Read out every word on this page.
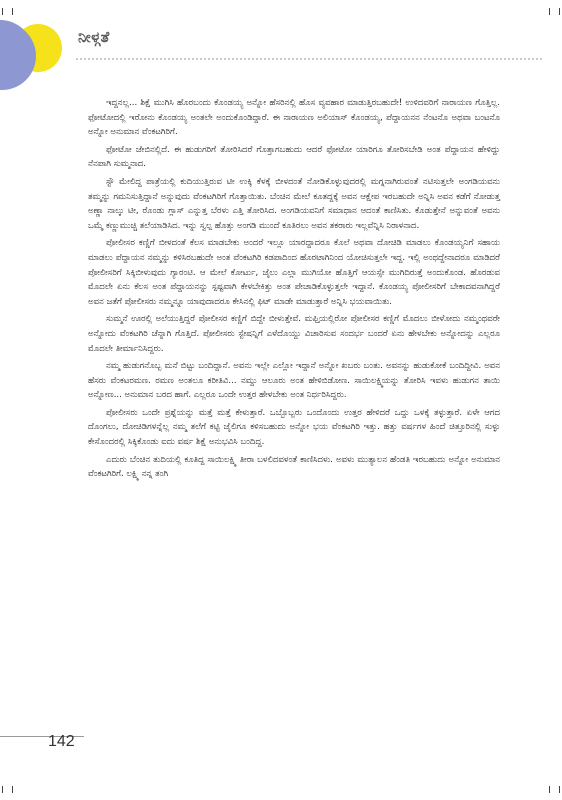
ನೀಳ್ಗತೆ

ಇದ್ದನಲ್ಲ... ಶಿಕ್ಷೆ ಮುಗಿಸಿ ಹೊರಬಂದು ಕೊಂಡಯ್ಯ ಅನ್ನೋ ಹೆಸರಿನಲ್ಲಿ ಹೊಸ ವ್ಯವಹಾರ ಮಾಡುತ್ತಿರಬಹುದೇ! ಉಳಿದವರಿಗೆ ನಾರಾಯಣ ಗೊತ್ತಿಲ್ಲ. ಫೋಟೋದಲ್ಲಿ ಇರೋನು ಕೊಂಡಯ್ಯ ಅಂತಲೇ ಅಂದುಕೊಂಡಿದ್ದಾರೆ. ಈ ನಾರಾಯಣ ಅಲಿಯಾಸ್ ಕೊಂಡಯ್ಯ, ಪೆದ್ದಾಯನನ ನೆಂಟನೊ ಅಥವಾ ಬಂಟನೊ ಅನ್ನೋ ಅನುಮಾನ ವೆಂಕಟಗಿರಿಗೆ.

ಫೋಟೋ ಜೇಬಿನಲ್ಲಿದೆ. ಈ ಹುಡುಗರಿಗೆ ತೋರಿಸಿದರೆ ಗೊತ್ತಾಗಬಹುದು ಆದರೆ ಫೋಟೋ ಯಾರಿಗೂ ತೋರಿಸಬೇಡಿ ಅಂತ ಪೆದ್ದಾಯನ ಹೇಳಿದ್ದು ನೆನಪಾಗಿ ಸುಮ್ಮನಾದ.

ಸ್ಟೌ ಮೇಲಿದ್ದ ಪಾತ್ರೆಯಲ್ಲಿ ಕುದಿಯುತ್ತಿರುವ ಟೀ ಉಕ್ಕಿ ಕೆಳಕ್ಕೆ ಬೀಳದಂತೆ ನೋಡಿಕೊಳ್ಳುವುದರಲ್ಲಿ ಮಗ್ನನಾಗಿರುವಂತೆ ನಟಿಸುತ್ತಲೇ ಅಂಗಡಿಯವನು ತಮ್ಮನ್ನು ಗಮನಿಸುತ್ತಿದ್ದಾನೆ ಅನ್ನುವುದು ವೆಂಕಟಗಿರಿಗೆ ಗೊತ್ತಾಯಿತು. ಬೆಂಚಿನ ಮೇಲೆ ಕೂತದ್ದಕ್ಕೆ ಅವನ ಆಕ್ಷೇಪ ಇರಬಹುದೇ ಅನ್ನಿಸಿ ಅವನ ಕಡೆಗೆ ನೋಡುತ್ತ ಅಣ್ಣಾ ನಾಲ್ಕು ಟೀ, ರೊಂಡು ಗ್ಲಾಸ್ ಎನ್ನುತ್ತ ಬೆರಳು ಎತ್ತಿ ತೋರಿಸಿದ. ಅಂಗಡಿಯವನಿಗೆ ಸಮಾಧಾನ ಆದಂತೆ ಕಾಣಿಸಿತು. ಕೊಡುತ್ತೇನೆ ಅನ್ನುವಂತೆ ಅವನು ಒಮ್ಮೆ ಕಣ್ಣುಮುಚ್ಚಿ ತಲೆಯಾಡಿಸಿದ. ಇನ್ನು ಸ್ವಲ್ಪ ಹೊತ್ತು ಅಂಗಡಿ ಮುಂದೆ ಕೂತಿರಲು ಅವನ ತಕರಾರು ಇಲ್ಲವೆನ್ನಿಸಿ ನಿರಾಳನಾದ.

ಪೋಲೀಸರ ಕಣ್ಣಿಗೆ ಬೀಳದಂತೆ ಕೆಲಸ ಮಾಡಬೇಕು ಅಂದರೆ ಇಲ್ಲೂ ಯಾರದ್ದಾದರೂ ಕೊಲೆ ಅಥವಾ ದೋಚಿಡಿ ಮಾಡಲು ಕೊಂಡಯ್ಯನಿಗೆ ಸಹಾಯ ಮಾಡಲು ಪೆದ್ದಾಯನ ನಮ್ಮನ್ನು ಕಳಿಸಿರಬಹುದೇ ಅಂತ ವೆಂಕಟಗಿರಿ ಕಡಪಾದಿಂದ ಹೊರಟಾಗಿನಿಂದ ಯೋಚಿಸುತ್ತಲೇ ಇದ್ದ. ಇಲ್ಲಿ ಅಂಥದ್ದೇನಾದರೂ ಮಾಡಿದರೆ ಪೋಲೀಸರಿಗೆ ಸಿಕ್ಕಿಬೀಳುವುದು ಗ್ಯಾರಂಟಿ. ಆ ಮೇಲೆ ಕೋರ್ಟು, ಜೈಲು ಎಲ್ಲಾ ಮುಗಿಯೋ ಹೊತ್ತಿಗೆ ಆಯಸ್ಸೇ ಮುಗಿದಿರುತ್ತೆ ಅಂದುಕೊಂಡ. ಹೊರಡುವ ಮೊದಲೇ ಏನು ಕೆಲಸ ಅಂತ ಪೆದ್ದಾಯನನ್ನು ಸ್ಪಷ್ಟವಾಗಿ ಕೇಳಬೇಕಿತ್ತು ಅಂತ ಪೇಚಾಡಿಕೊಳ್ಳುತ್ತಲೇ ಇದ್ದಾನೆ. ಕೊಂಡಯ್ಯ ಪೋಲೀಸರಿಗೆ ಬೇಕಾದವನಾಗಿದ್ದರೆ ಅವನ ಜತೆಗೆ ಪೋಲೀಸರು ನಮ್ಮನ್ನೂ ಯಾವುದಾದರೂ ಕೇಸಿನಲ್ಲಿ ಫಿಟ್ ಮಾಡೇ ಮಾಡುತ್ತಾರೆ ಅನ್ನಿಸಿ ಭಯವಾಯಿತು.

ಸುಮ್ಮನೆ ಊರಲ್ಲಿ ಅಲೆಯುತ್ತಿದ್ದರೆ ಪೋಲೀಸರ ಕಣ್ಣಿಗೆ ಬಿದ್ದೇ ಬೀಳುತ್ತೇವೆ. ಮಫ್ತಿಯಲ್ಲಿರೋ ಪೋಲೀಸರ ಕಣ್ಣಿಗೆ ಮೊದಲು ಬೀಳೋದು ನಮ್ಮಂಥವರೇ ಅನ್ನೋದು ವೆಂಕಟಗಿರಿ ಚೆನ್ನಾಗಿ ಗೊತ್ತಿದೆ. ಪೋಲೀಸರು ಸ್ಟೇಷನ್ನಿಗೆ ಎಳೆದೊಯ್ದು ವಿಚಾರಿಸುವ ಸಂದರ್ಭ ಬಂದರೆ ಏನು ಹೇಳಬೇಕು ಅನ್ನೋದನ್ನು ಎಲ್ಲರೂ ಮೊದಲೇ ತೀರ್ಮಾನಿಸಿದ್ದರು.

ನಮ್ಮ ಹುಡುಗನೊಬ್ಬ ಮನೆ ಬಿಟ್ಟು ಬಂದಿದ್ದಾನೆ. ಅವನು ಇಲ್ಲೇ ಎಲ್ಲೋ ಇದ್ದಾನೆ ಅನ್ನೋ ಖಬರು ಬಂತು. ಅವನನ್ನು ಹುಡುಕೋಕೆ ಬಂದಿದ್ದೀವಿ. ಅವನ ಹೆಸರು ವೆಂಕಟರಮಣ. ರಮಣ ಅಂತಲೂ ಕರೀತಿವಿ... ನಮ್ದು ಆಲೂರು ಅಂತ ಹೇಳಿಬಿಡೋಣ. ಸಾಯಿಲಕ್ಷ್ಮಿಯನ್ನು ತೋರಿಸಿ ಇವಳು ಹುಡುಗನ ತಾಯಿ ಅನ್ನೋಣ... ಅನುಮಾನ ಬರದ ಹಾಗೆ. ಎಲ್ಲರೂ ಒಂದೇ ಉತ್ತರ ಹೇಳಬೇಕು ಅಂತ ನಿರ್ಧರಿಸಿದ್ದರು.

ಪೋಲೀಸರು ಒಂದೇ ಪ್ರಶ್ನೆಯನ್ನು ಮತ್ತೆ ಮತ್ತೆ ಕೇಳುತ್ತಾರೆ. ಒಬ್ಬೊಬ್ಬರು ಒಂದೊಂದು ಉತ್ತರ ಹೇಳಿದರೆ ಒದ್ದು ಒಳಕ್ಕೆ ತಳ್ಳುತ್ತಾರೆ. ಏಳೇ ಆಗದ ದೊಂಗಲು, ದೋಚಿಡಿಗಳನ್ನೆಲ್ಲ ನಮ್ಮ ತಲೆಗೆ ಕಟ್ಟಿ ಜೈಲಿಗೂ ಕಳಿಸಬಹುದು ಅನ್ನೋ ಭಯ ವೆಂಕಟಗಿರಿ ಇತ್ತು. ಹತ್ತು ವರ್ಷಗಳ ಹಿಂದೆ ಚಿತ್ತೂರಿನಲ್ಲಿ ಸುಳ್ಳು ಕೇಸೊಂದರಲ್ಲಿ ಸಿಕ್ಕಿಕೊಂಡು ಐದು ವರ್ಷ ಶಿಕ್ಷೆ ಅನುಭವಿಸಿ ಬಂದಿದ್ದ.

ಎದುರು ಬೆಂಚಿನ ತುದಿಯಲ್ಲಿ ಕೂತಿದ್ದ ಸಾಯಿಲಕ್ಷ್ಮಿ ತೀರಾ ಬಳಲಿದವಳಂತೆ ಕಾಣಿಸಿದಳು. ಅವಳು ಮುತ್ಯಾಲನ ಹೆಂಡತಿ ಇರಬಹುದು ಅನ್ನೋ ಅನುಮಾನ ವೆಂಕಟಗಿರಿಗೆ. ಲಕ್ಷ್ಮಿ ನನ್ನ ತಂಗಿ

142
